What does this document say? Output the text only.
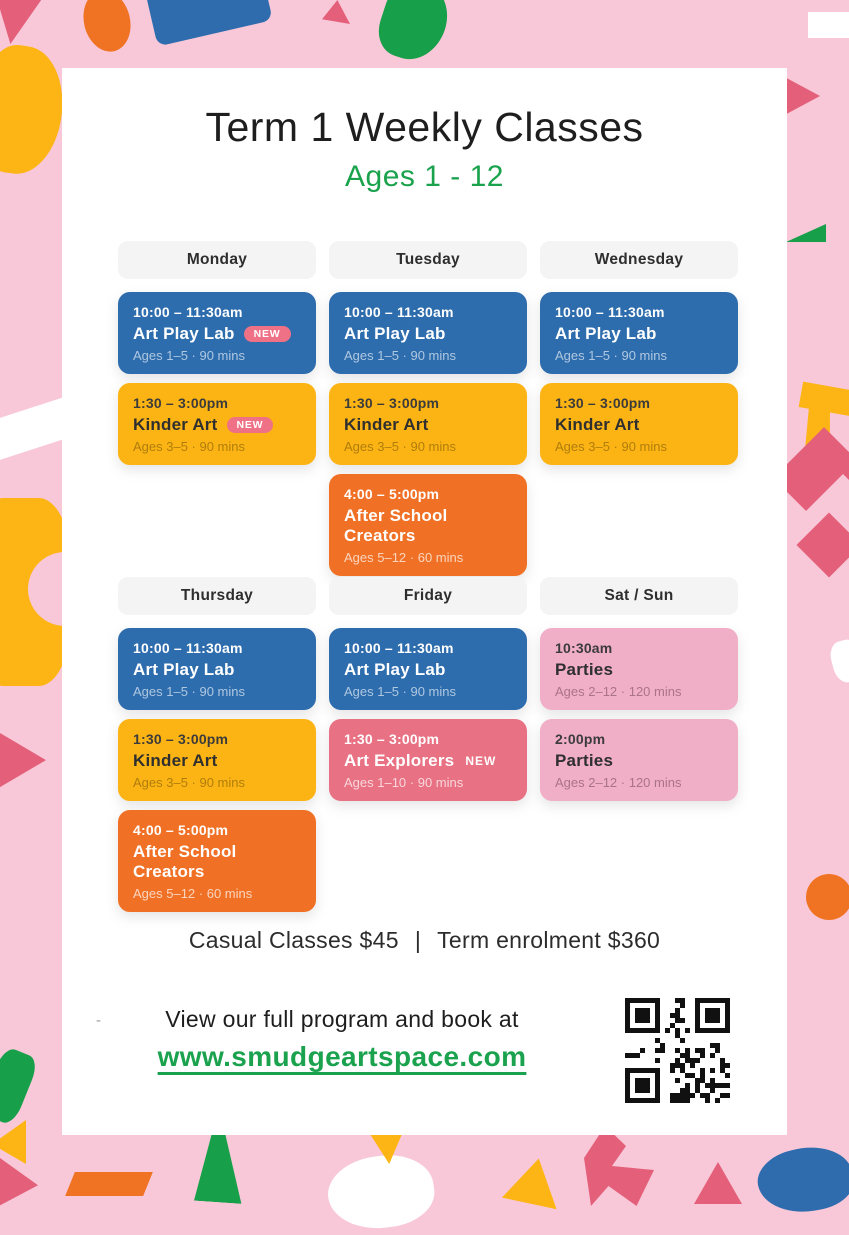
Term 1 Weekly Classes
Ages 1 - 12
Monday
10:00 – 11:30am
Art Play Lab	NEW
Ages 1–5 · 90 mins
1:30 – 3:00pm
Kinder Art	NEW
Ages 3–5 · 90 mins
Tuesday
10:00 – 11:30am
Art Play Lab
Ages 1–5 · 90 mins
1:30 – 3:00pm
Kinder Art
Ages 3–5 · 90 mins
4:00 – 5:00pm
After School Creators
Ages 5–12 · 60 mins
Wednesday
10:00 – 11:30am
Art Play Lab
Ages 1–5 · 90 mins
1:30 – 3:00pm
Kinder Art
Ages 3–5 · 90 mins
Thursday
10:00 – 11:30am
Art Play Lab
Ages 1–5 · 90 mins
1:30 – 3:00pm
Kinder Art
Ages 3–5 · 90 mins
4:00 – 5:00pm
After School Creators
Ages 5–12 · 60 mins
Friday
10:00 – 11:30am
Art Play Lab
Ages 1–5 · 90 mins
1:30 – 3:00pm
Art Explorers NEW
Ages 1–10 · 90 mins
Sat / Sun
10:30am
Parties
Ages 2–12 · 120 mins
2:00pm
Parties
Ages 2–12 · 120 mins
Casual Classes $45 | Term enrolment $360
-	View our full program and book at
www.smudgeartspace.com
